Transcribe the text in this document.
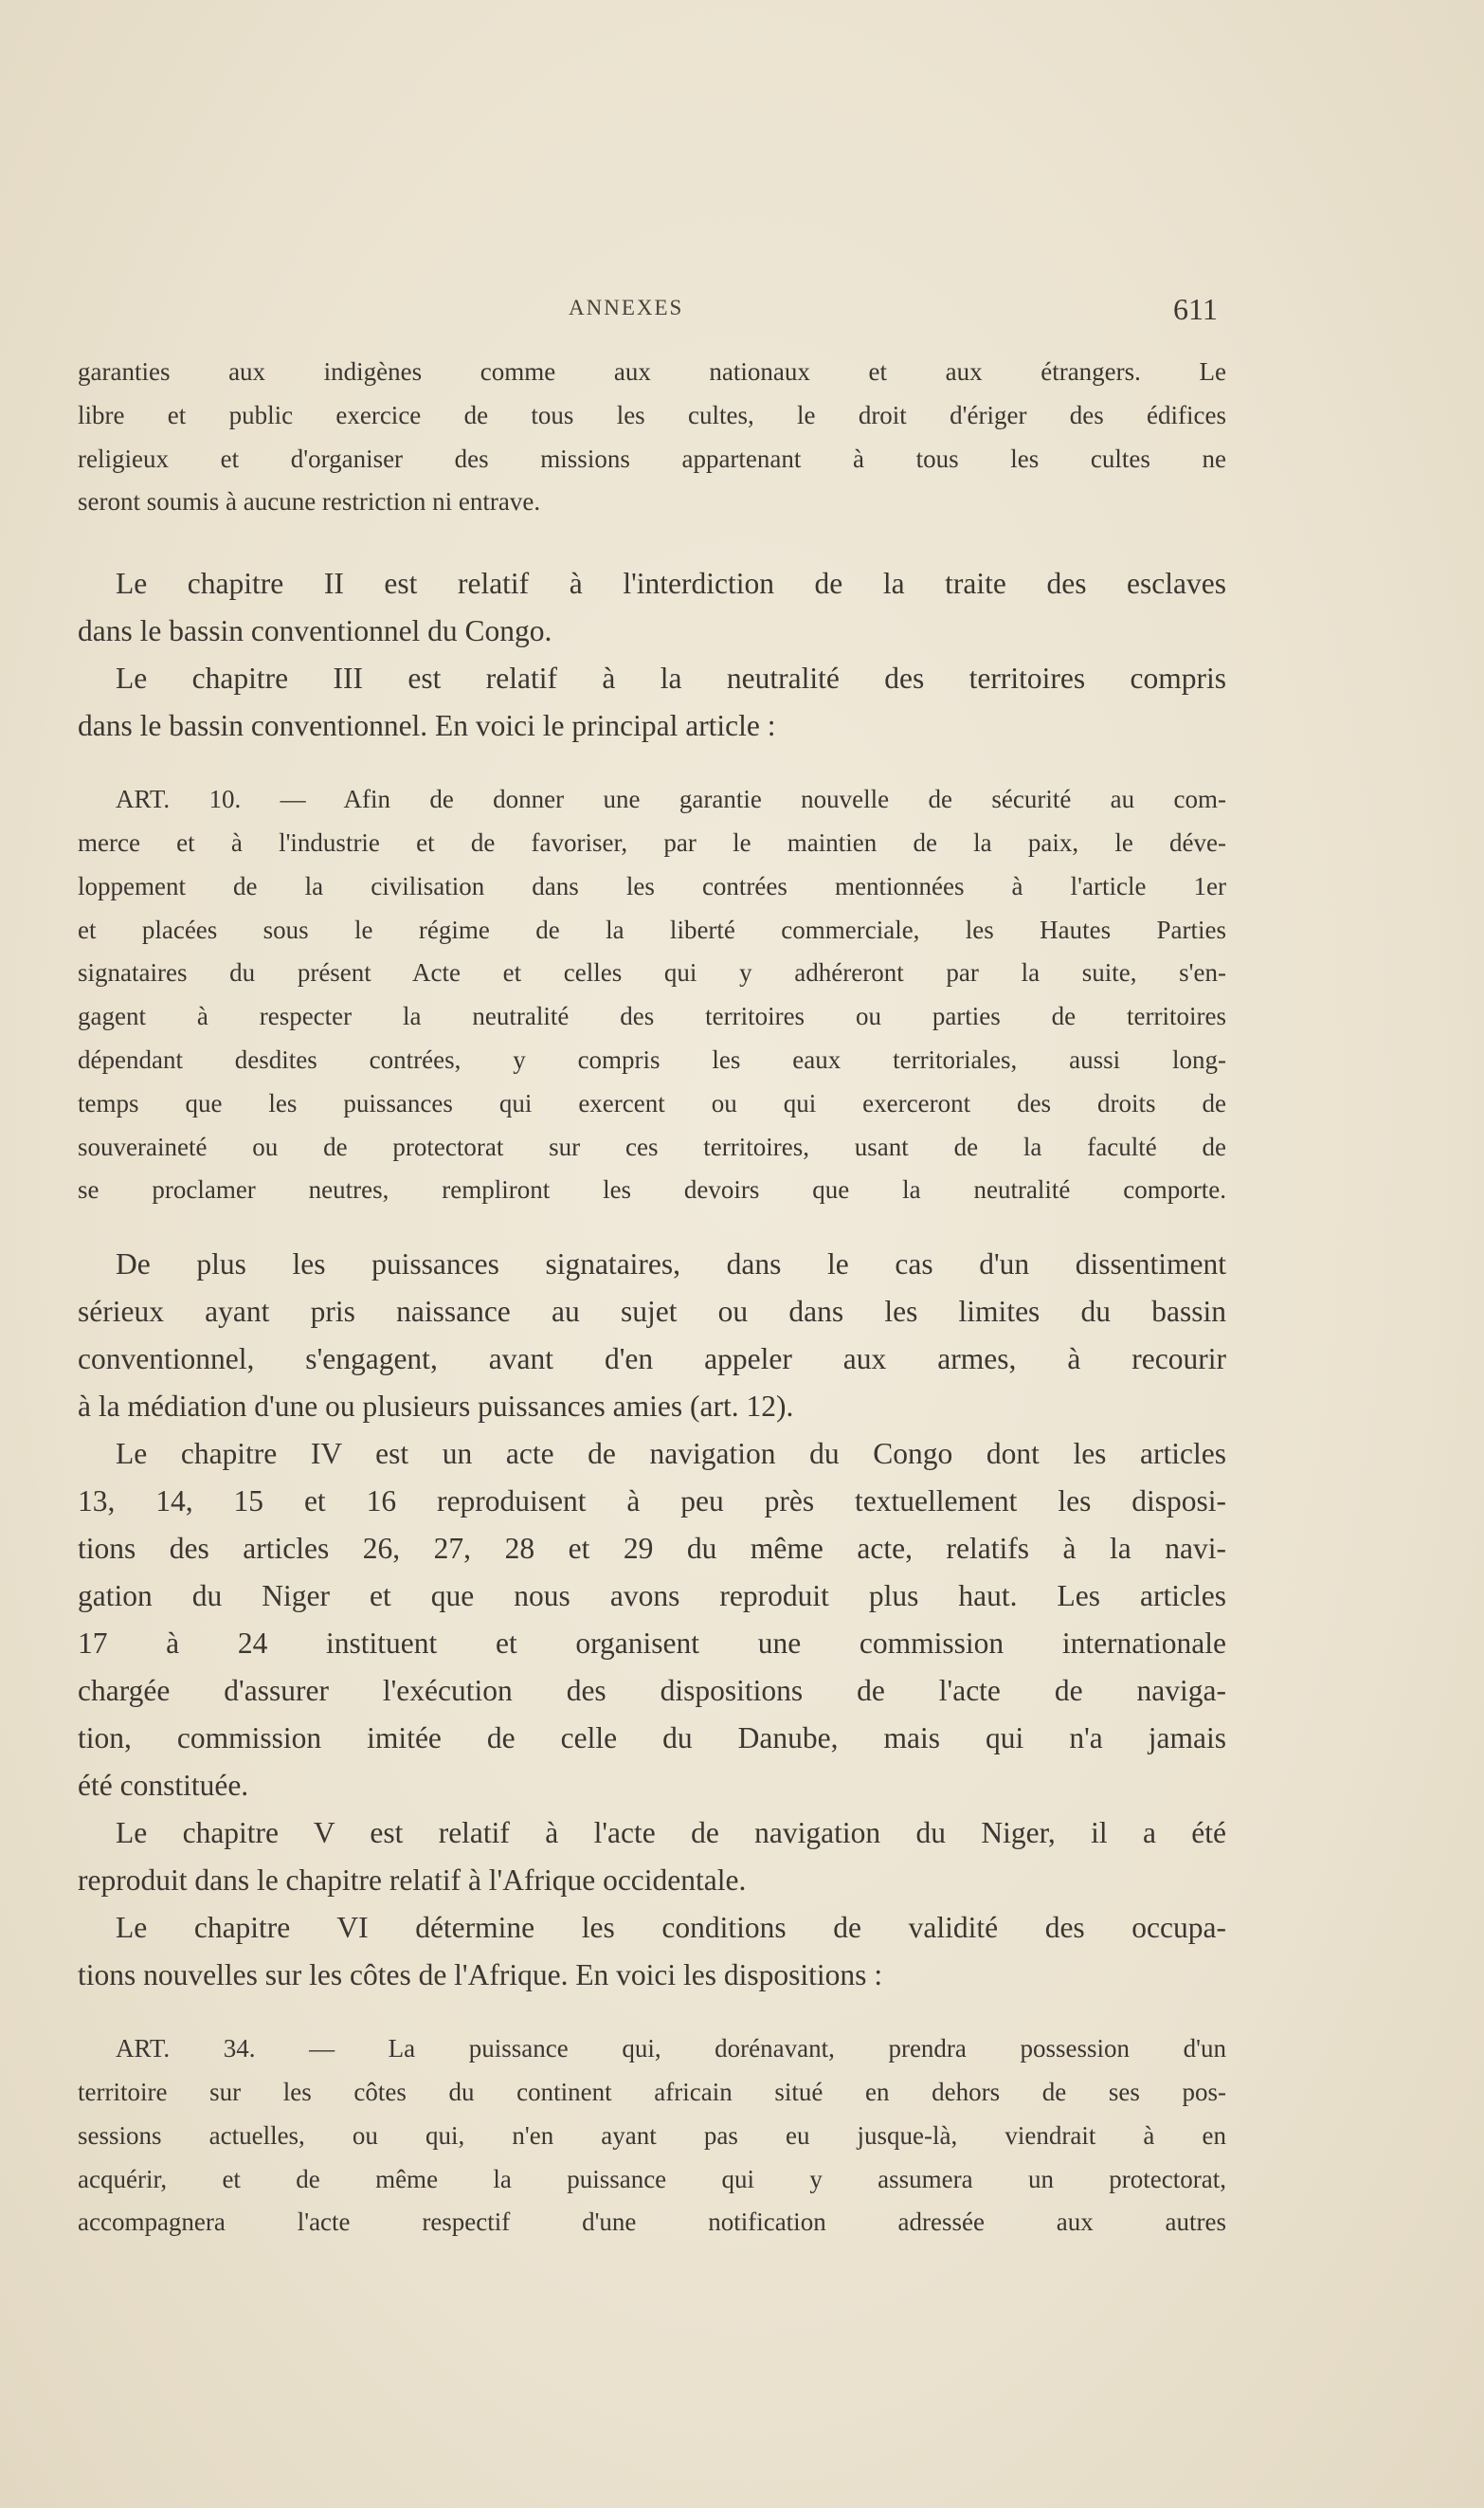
ANNEXES	611
garanties aux indigènes comme aux nationaux et aux étrangers. Le
libre et public exercice de tous les cultes, le droit d'ériger des édifices
religieux et d'organiser des missions appartenant à tous les cultes ne
seront soumis à aucune restriction ni entrave.
Le chapitre II est relatif à l'interdiction de la traite des esclaves
dans le bassin conventionnel du Congo.
Le chapitre III est relatif à la neutralité des territoires compris
dans le bassin conventionnel. En voici le principal article :
ART. 10. — Afin de donner une garantie nouvelle de sécurité au com-
merce et à l'industrie et de favoriser, par le maintien de la paix, le déve-
loppement de la civilisation dans les contrées mentionnées à l'article 1er
et placées sous le régime de la liberté commerciale, les Hautes Parties
signataires du présent Acte et celles qui y adhéreront par la suite, s'en-
gagent à respecter la neutralité des territoires ou parties de territoires
dépendant desdites contrées, y compris les eaux territoriales, aussi long-
temps que les puissances qui exercent ou qui exerceront des droits de
souveraineté ou de protectorat sur ces territoires, usant de la faculté de
se proclamer neutres, rempliront les devoirs que la neutralité comporte.
De plus les puissances signataires, dans le cas d'un dissentiment
sérieux ayant pris naissance au sujet ou dans les limites du bassin
conventionnel, s'engagent, avant d'en appeler aux armes, à recourir
à la médiation d'une ou plusieurs puissances amies (art. 12).
Le chapitre IV est un acte de navigation du Congo dont les articles
13, 14, 15 et 16 reproduisent à peu près textuellement les disposi-
tions des articles 26, 27, 28 et 29 du même acte, relatifs à la navi-
gation du Niger et que nous avons reproduit plus haut. Les articles
17 à 24 instituent et organisent une commission internationale
chargée d'assurer l'exécution des dispositions de l'acte de naviga-
tion, commission imitée de celle du Danube, mais qui n'a jamais
été constituée.
Le chapitre V est relatif à l'acte de navigation du Niger, il a été
reproduit dans le chapitre relatif à l'Afrique occidentale.
Le chapitre VI détermine les conditions de validité des occupa-
tions nouvelles sur les côtes de l'Afrique. En voici les dispositions :
ART. 34. — La puissance qui, dorénavant, prendra possession d'un
territoire sur les côtes du continent africain situé en dehors de ses pos-
sessions actuelles, ou qui, n'en ayant pas eu jusque-là, viendrait à en
acquérir, et de même la puissance qui y assumera un protectorat,
accompagnera l'acte respectif d'une notification adressée aux autres
